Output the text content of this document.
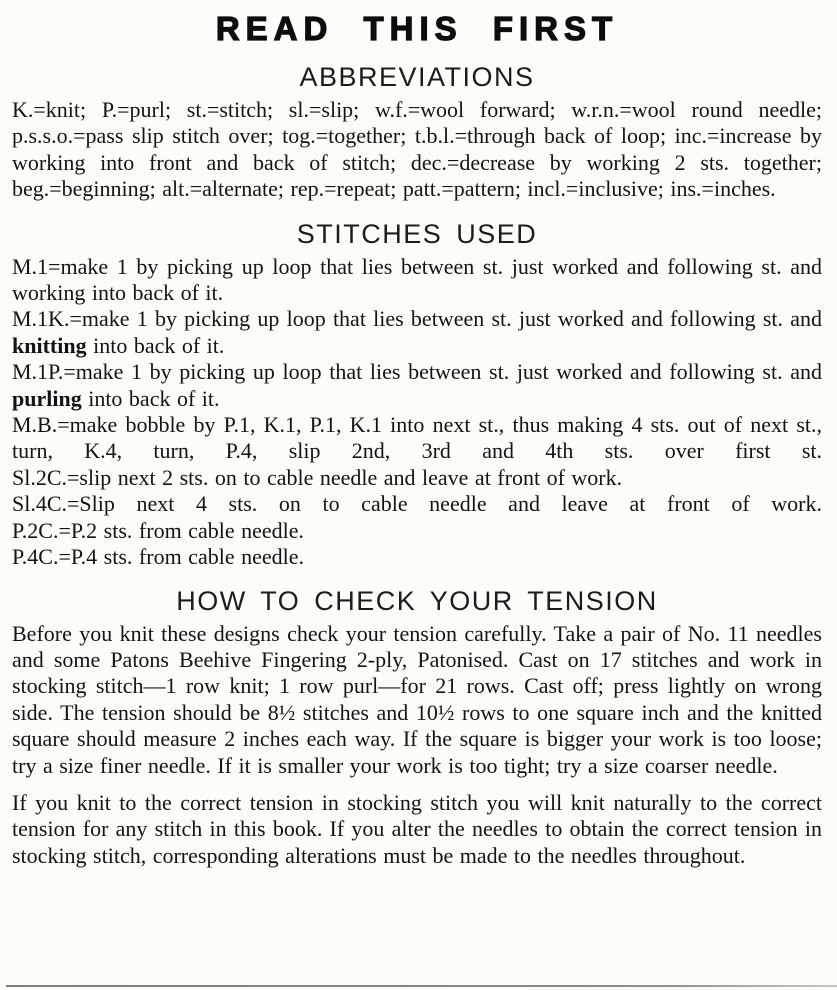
READ THIS FIRST
ABBREVIATIONS

K.=knit; P.=purl; st.=stitch; sl.=slip; w.f.=wool forward; w.r.n.=wool round needle; p.s.s.o.=pass slip stitch over; tog.=together; t.b.l.=through back of loop; inc.=increase by working into front and back of stitch; dec.=decrease by working 2 sts. together; beg.=beginning; alt.=alternate; rep.=repeat; patt.=pattern; incl.=inclusive; ins.=inches.

STITCHES USED

M.1=make 1 by picking up loop that lies between st. just worked and following st. and working into back of it.

M.1K.=make 1 by picking up loop that lies between st. just worked and following st. and knitting into back of it.

M.1P.=make 1 by picking up loop that lies between st. just worked and following st. and purling into back of it.

M.B.=make bobble by P.1, K.1, P.1, K.1 into next st., thus making 4 sts. out of next st., turn, K.4, turn, P.4, slip 2nd, 3rd and 4th sts. over first st.

Sl.2C.=slip next 2 sts. on to cable needle and leave at front of work.

Sl.4C.=Slip next 4 sts. on to cable needle and leave at front of work.

P.2C.=P.2 sts. from cable needle.

P.4C.=P.4 sts. from cable needle.

HOW TO CHECK YOUR TENSION

Before you knit these designs check your tension carefully. Take a pair of No. 11 needles and some Patons Beehive Fingering 2-ply, Patonised. Cast on 17 stitches and work in stocking stitch—1 row knit; 1 row purl—for 21 rows. Cast off; press lightly on wrong side. The tension should be 8½ stitches and 10½ rows to one square inch and the knitted square should measure 2 inches each way. If the square is bigger your work is too loose; try a size finer needle. If it is smaller your work is too tight; try a size coarser needle.

If you knit to the correct tension in stocking stitch you will knit naturally to the correct tension for any stitch in this book. If you alter the needles to obtain the correct tension in stocking stitch, corresponding alterations must be made to the needles throughout.
